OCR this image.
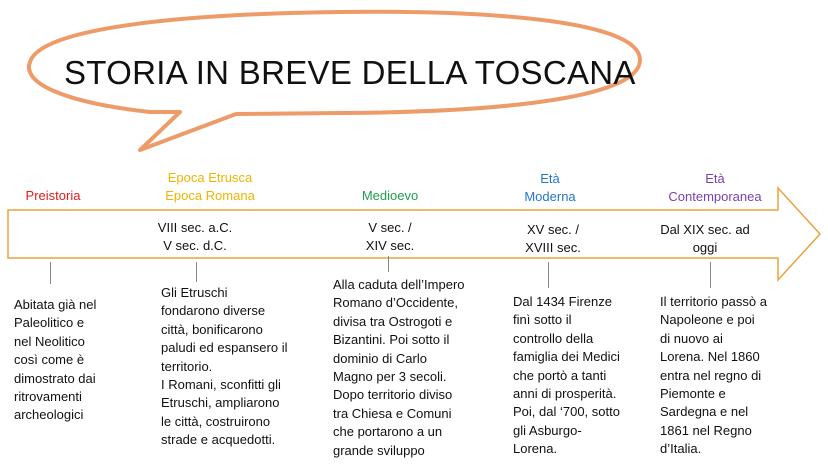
STORIA IN BREVE DELLA TOSCANA
Preistoria
Abitata già nel
Paleolitico e
nel Neolitico
così come è
dimostrato dai
ritrovamenti
archeologici
Epoca Etrusca
Epoca Romana
VIII sec. a.C.
V sec. d.C.
Gli Etruschi
fondarono diverse
città, bonificarono
paludi ed espansero il
territorio.
I Romani, sconfitti gli
Etruschi, ampliarono
le città, costruirono
strade e acquedotti.
Medioevo
V sec. /
XIV sec.
Alla caduta dell’Impero
Romano d’Occidente,
divisa tra Ostrogoti e
Bizantini. Poi sotto il
dominio di Carlo
Magno per 3 secoli.
Dopo territorio diviso
tra Chiesa e Comuni
che portarono a un
grande sviluppo
Età
Moderna
XV sec. /
XVIII sec.
Dal 1434 Firenze
finì sotto il
controllo della
famiglia dei Medici
che portò a tanti
anni di prosperità.
Poi, dal ‘700, sotto
gli Asburgo-
Lorena.
Età
Contemporanea
Dal XIX sec. ad
oggi
Il territorio passò a
Napoleone e poi
di nuovo ai
Lorena. Nel 1860
entra nel regno di
Piemonte e
Sardegna e nel
1861 nel Regno
d’Italia.
